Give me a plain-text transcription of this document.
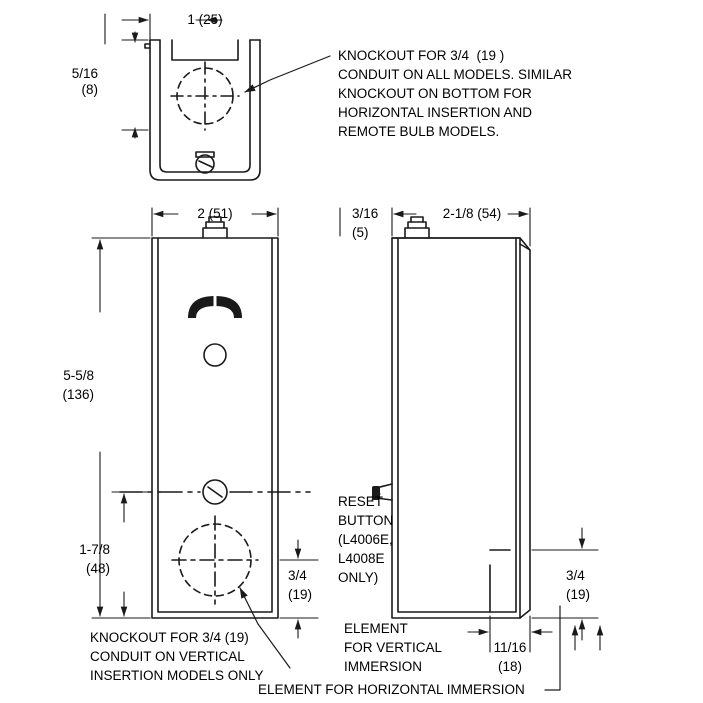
1 (25)
5/16
(8)
KNOCKOUT FOR 3/4  (19 )
CONDUIT ON ALL MODELS. SIMILAR
KNOCKOUT ON BOTTOM FOR
HORIZONTAL INSERTION AND
REMOTE BULB MODELS.
2 (51)
5-5/8
(136)
1-7/8
(48)	3/4
(19)
KNOCKOUT FOR 3/4 (19)
CONDUIT ON VERTICAL
INSERTION MODELS ONLY
3/16
(5)
2-1/8 (54)
11/16
(18)
3/4
(19)
RESET
BUTTON
(L4006E,
L4008E
ONLY)
ELEMENT
FOR VERTICAL
IMMERSION
ELEMENT FOR HORIZONTAL IMMERSION
